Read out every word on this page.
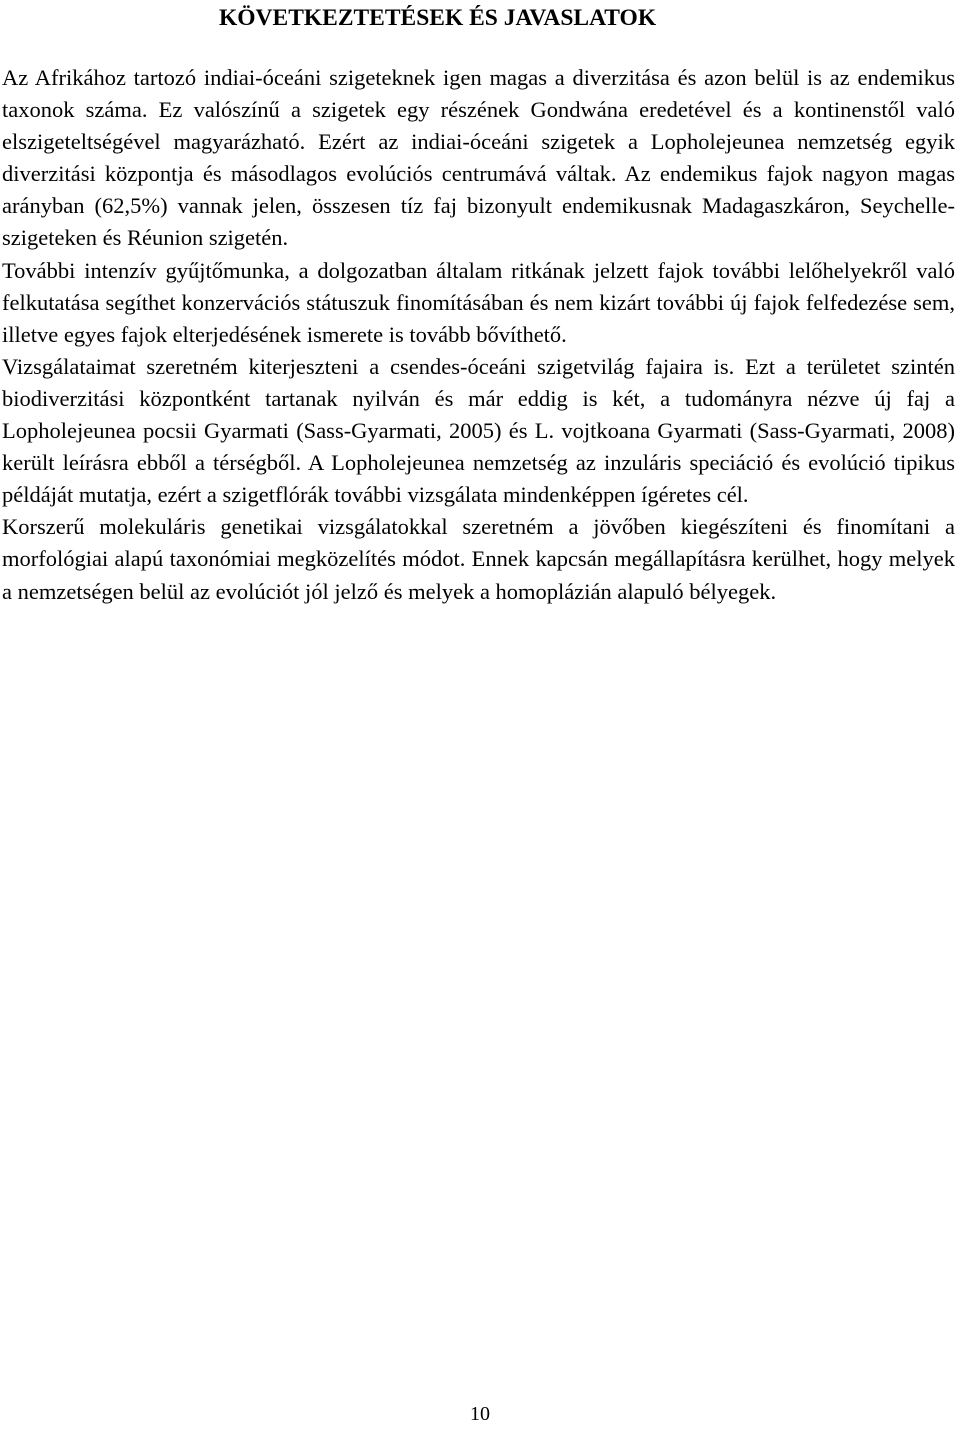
KÖVETKEZTETÉSEK ÉS JAVASLATOK

Az Afrikához tartozó indiai-óceáni szigeteknek igen magas a diverzitása és azon belül is az endemikus taxonok száma. Ez valószínű a szigetek egy részének Gondwána eredetével és a kontinenstől való elszigeteltségével magyarázható. Ezért az indiai-óceáni szigetek a Lopholejeunea nemzetség egyik diverzitási központja és másodlagos evolúciós centrumává váltak. Az endemikus fajok nagyon magas arányban (62,5%) vannak jelen, összesen tíz faj bizonyult endemikusnak Madagaszkáron, Seychelle-szigeteken és Réunion szigetén.

További intenzív gyűjtőmunka, a dolgozatban általam ritkának jelzett fajok további lelőhelyekről való felkutatása segíthet konzervációs státuszuk finomításában és nem kizárt további új fajok felfedezése sem, illetve egyes fajok elterjedésének ismerete is tovább bővíthető.

Vizsgálataimat szeretném kiterjeszteni a csendes-óceáni szigetvilág fajaira is. Ezt a területet szintén biodiverzitási központként tartanak nyilván és már eddig is két, a tudományra nézve új faj a Lopholejeunea pocsii Gyarmati (Sass-Gyarmati, 2005) és L. vojtkoana Gyarmati (Sass-Gyarmati, 2008) került leírásra ebből a térségből. A Lopholejeunea nemzetség az inzuláris speciáció és evolúció tipikus példáját mutatja, ezért a szigetflórák további vizsgálata mindenképpen ígéretes cél.

Korszerű molekuláris genetikai vizsgálatokkal szeretném a jövőben kiegészíteni és finomítani a morfológiai alapú taxonómiai megközelítés módot. Ennek kapcsán megállapításra kerülhet, hogy melyek a nemzetségen belül az evolúciót jól jelző és melyek a homoplázián alapuló bélyegek.

10
